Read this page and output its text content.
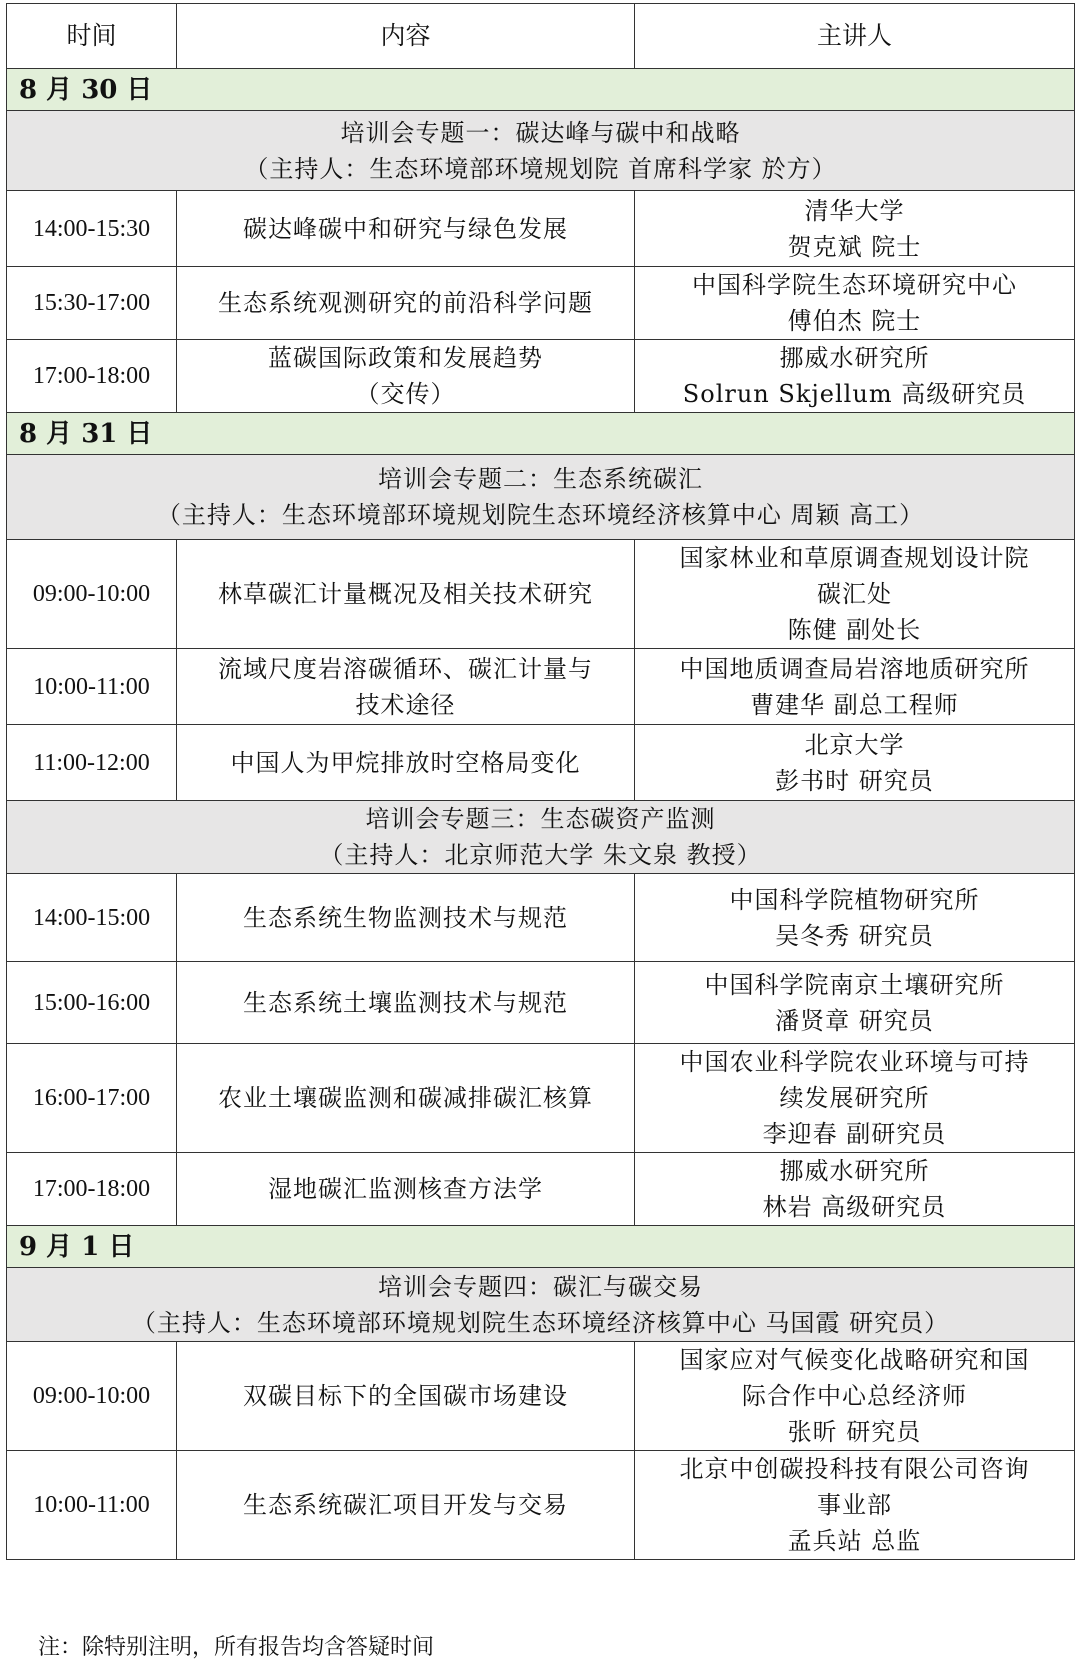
时间	内容	主讲人
8 月 30 日		

培训会专题一：碳达峰与碳中和战略
（主持人：生态环境部环境规划院 首席科学家 於方）		

14:00-15:30	碳达峰碳中和研究与绿色发展	清华大学
贺克斌 院士

15:30-17:00	生态系统观测研究的前沿科学问题	中国科学院生态环境研究中心
傅伯杰 院士

17:00-18:00	蓝碳国际政策和发展趋势
（交传）	挪威水研究所
Solrun Skjellum 高级研究员

8 月 31 日		

培训会专题二：生态系统碳汇
（主持人：生态环境部环境规划院生态环境经济核算中心 周颖 高工）		

09:00-10:00	林草碳汇计量概况及相关技术研究	国家林业和草原调查规划设计院
碳汇处
陈健 副处长

10:00-11:00	流域尺度岩溶碳循环、碳汇计量与
技术途径	中国地质调查局岩溶地质研究所
曹建华 副总工程师

11:00-12:00	中国人为甲烷排放时空格局变化	北京大学
彭书时 研究员

培训会专题三：生态碳资产监测
（主持人：北京师范大学 朱文泉 教授）		

14:00-15:00	生态系统生物监测技术与规范	中国科学院植物研究所
吴冬秀 研究员

15:00-16:00	生态系统土壤监测技术与规范	中国科学院南京土壤研究所
潘贤章 研究员

16:00-17:00	农业土壤碳监测和碳减排碳汇核算	中国农业科学院农业环境与可持
续发展研究所
李迎春 副研究员

17:00-18:00	湿地碳汇监测核查方法学	挪威水研究所
林岩 高级研究员

9 月 1 日		

培训会专题四：碳汇与碳交易
（主持人：生态环境部环境规划院生态环境经济核算中心 马国霞 研究员）		

09:00-10:00	双碳目标下的全国碳市场建设	国家应对气候变化战略研究和国
际合作中心总经济师
张昕 研究员

10:00-11:00	生态系统碳汇项目开发与交易	北京中创碳投科技有限公司咨询
事业部
孟兵站 总监
注：除特别注明，所有报告均含答疑时间
